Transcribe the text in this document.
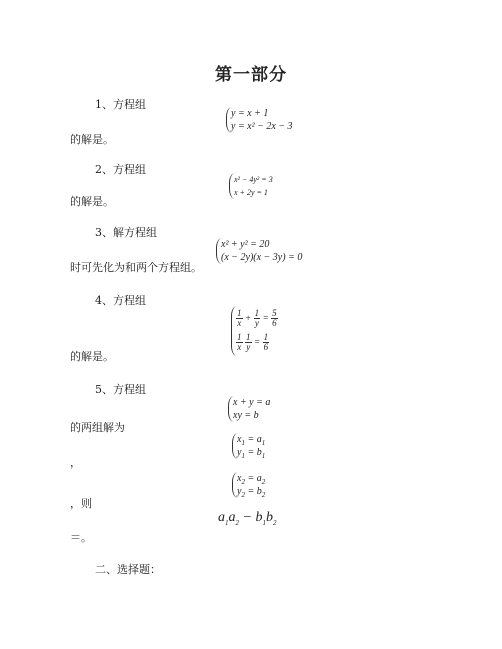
第一部分
1、方程组
y = x + 1
y = x² − 2x − 3
的解是。
2、方程组
x² − 4y² = 3
x + 2y = 1
的解是。
3、解方程组
x² + y² = 20
(x − 2y)(x − 3y) = 0
时可先化为和两个方程组。
4、方程组
$\frac{1}{x} + \frac{1}{y} = \frac{5}{6}$
$\frac{1}{x}$
$\frac{1}{y} = \frac{1}{6}$
的解是。
5、方程组
x + y = a
xy = b
的两组解为
$x_1 = a_1$
$y_1 = b_1$
，
$x_2 = a_2$
$y_2 = b_2$
，则
$a_1a_2 - b_1b_2$
＝。
二、选择题：
